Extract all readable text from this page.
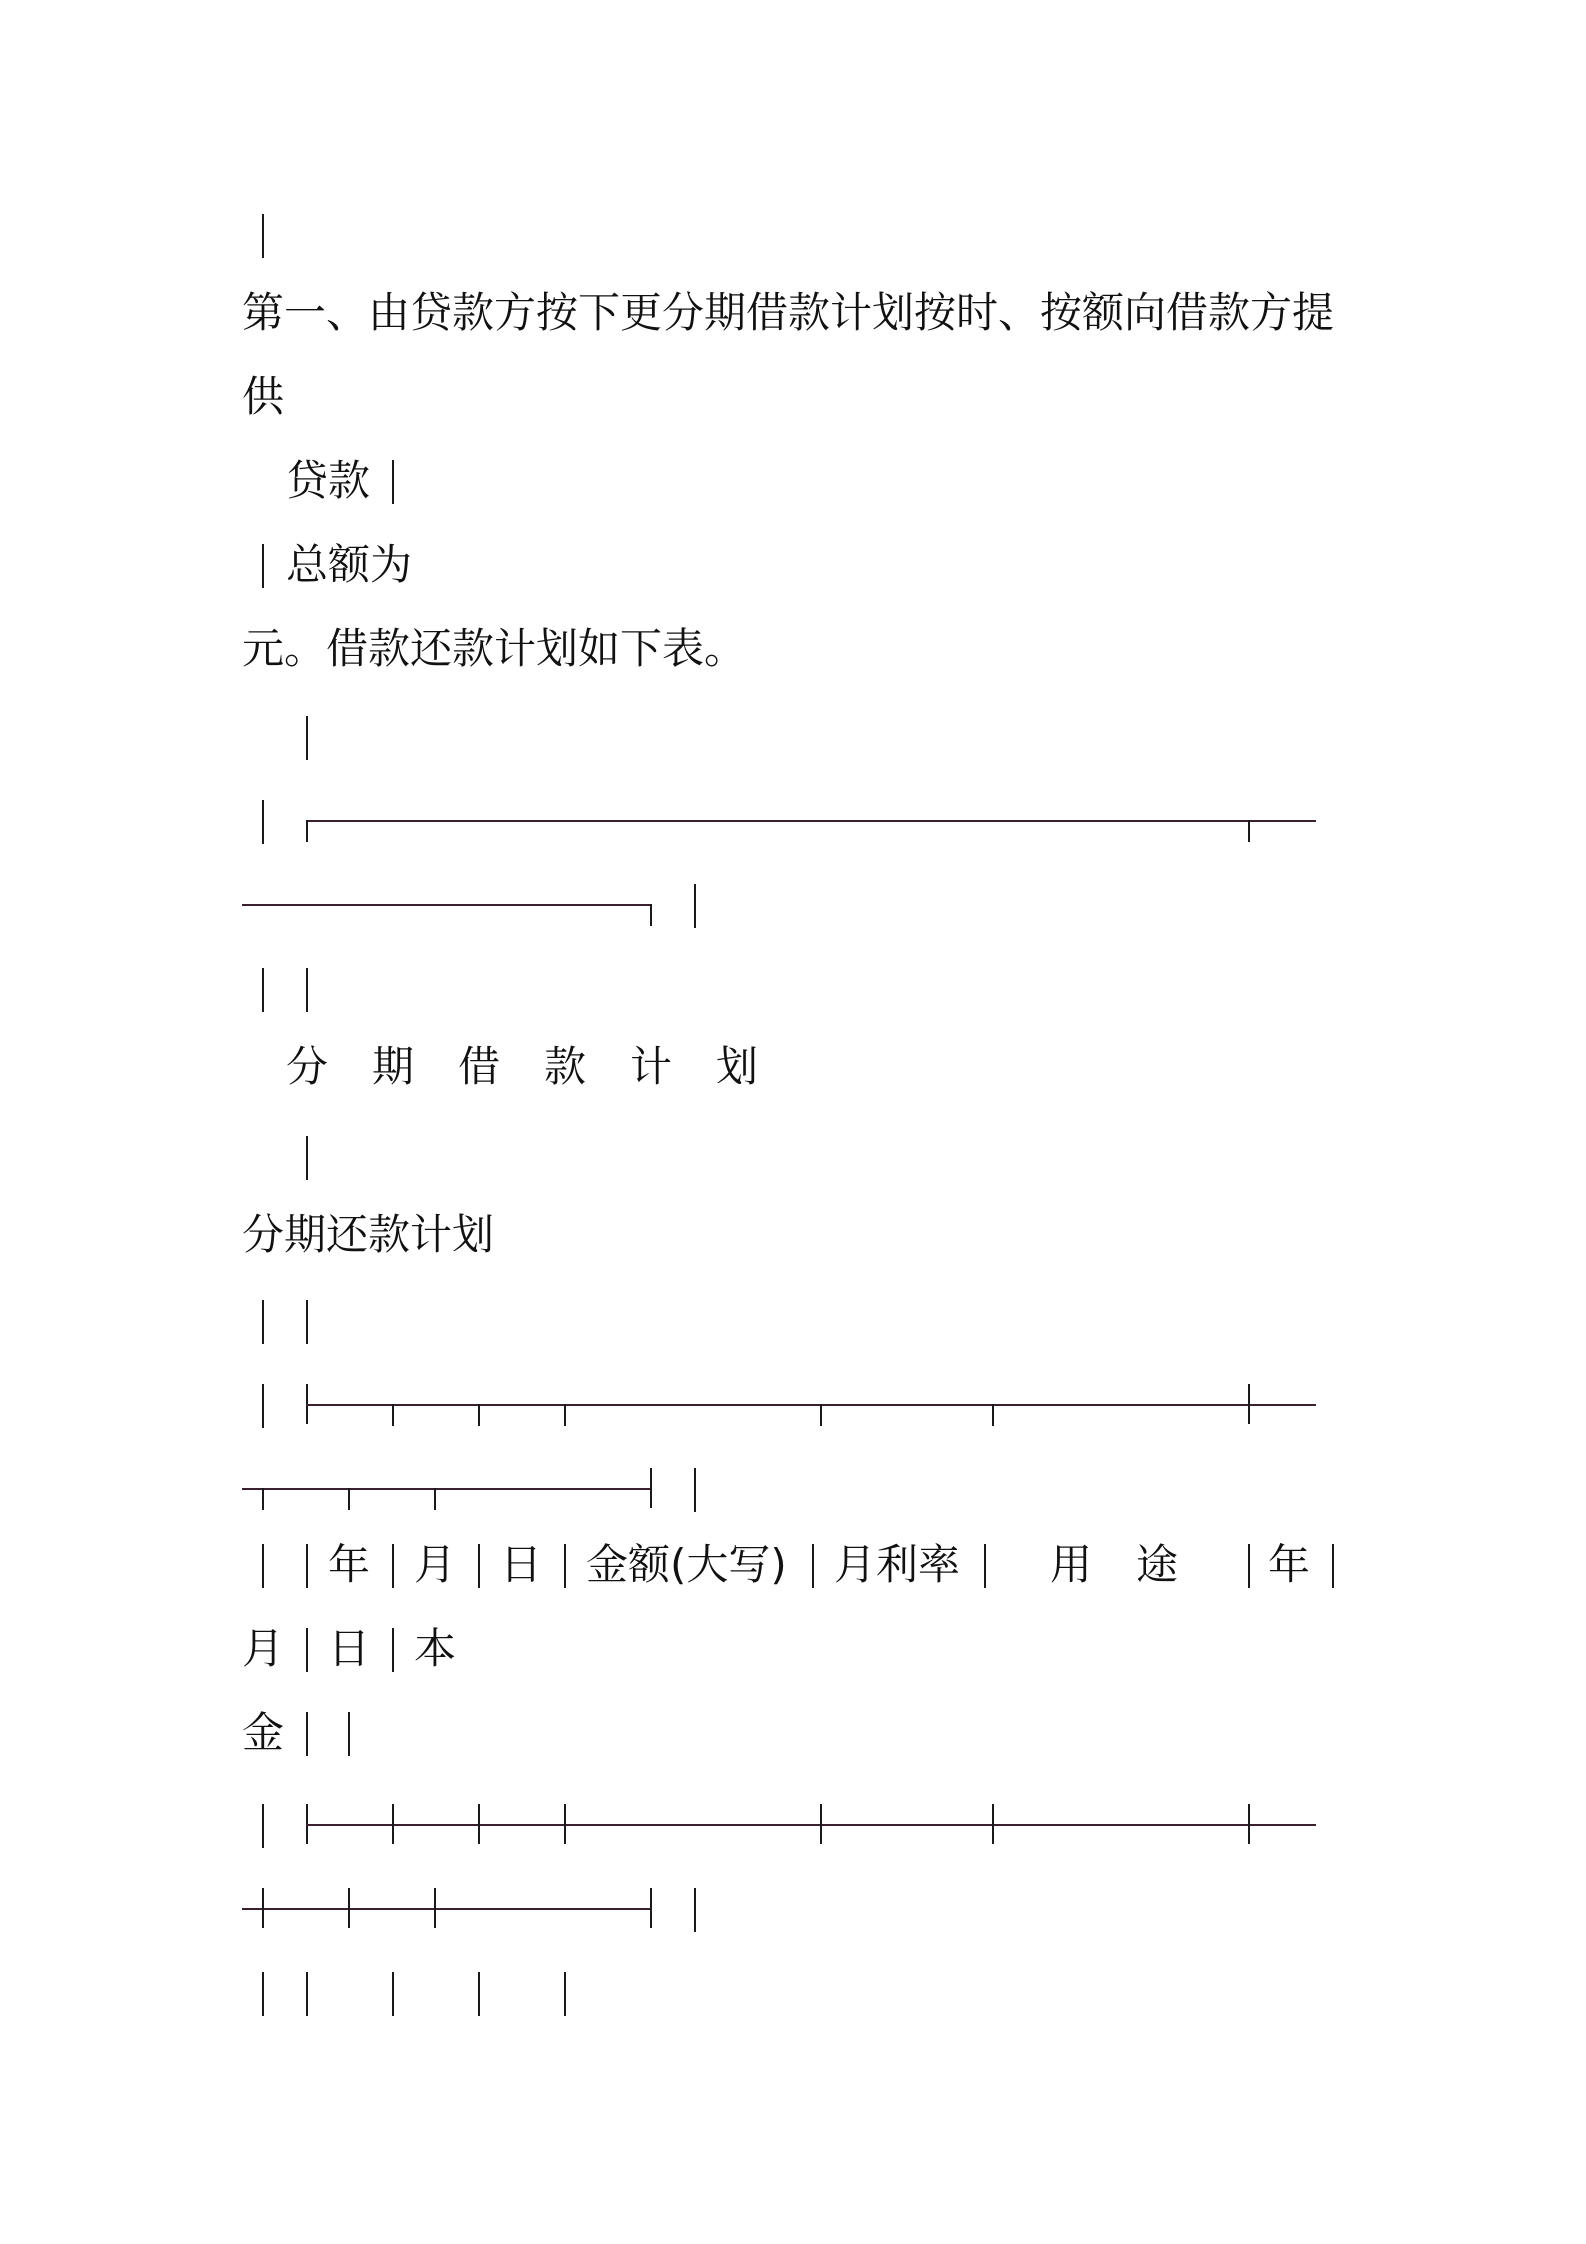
第一、由贷款方按下更分期借款计划按时、按额向借款方提
供
贷款
总额为
元。借款还款计划如下表。
分 期 借 款 计 划
分期还款计划
年 月 日 金额(大写) 月利率 用 途 年
月 日 本
金
